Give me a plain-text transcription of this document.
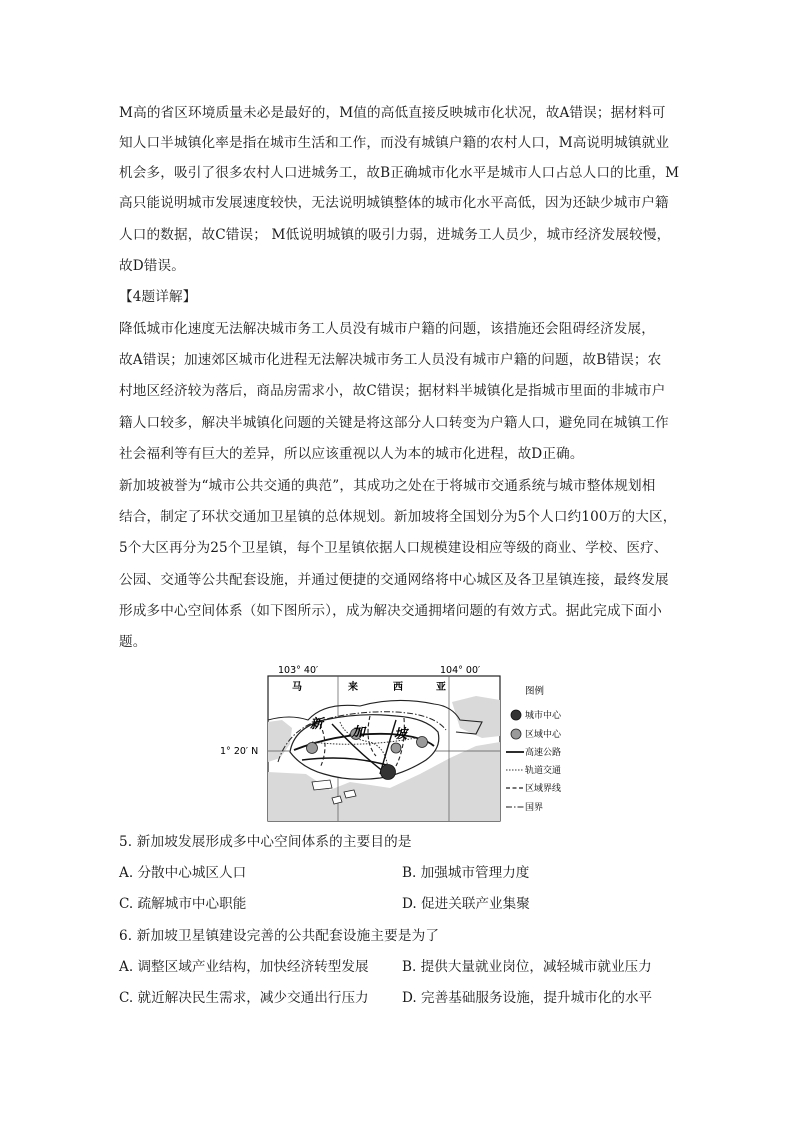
M高的省区环境质量未必是最好的，M值的高低直接反映城市化状况，故A错误；据材料可
知人口半城镇化率是指在城市生活和工作，而没有城镇户籍的农村人口，M高说明城镇就业
机会多，吸引了很多农村人口进城务工，故B正确城市化水平是城市人口占总人口的比重，M
高只能说明城市发展速度较快，无法说明城镇整体的城市化水平高低，因为还缺少城市户籍
人口的数据，故C错误； M低说明城镇的吸引力弱，进城务工人员少，城市经济发展较慢，
故D错误。
【4题详解】
降低城市化速度无法解决城市务工人员没有城市户籍的问题，该措施还会阻碍经济发展，
故A错误；加速郊区城市化进程无法解决城市务工人员没有城市户籍的问题，故B错误；农
村地区经济较为落后，商品房需求小，故C错误；据材料半城镇化是指城市里面的非城市户
籍人口较多，解决半城镇化问题的关键是将这部分人口转变为户籍人口，避免同在城镇工作
社会福利等有巨大的差异，所以应该重视以人为本的城市化进程，故D正确。
新加坡被誉为“城市公共交通的典范”，其成功之处在于将城市交通系统与城市整体规划相
结合，制定了环状交通加卫星镇的总体规划。新加坡将全国划分为5个人口约100万的大区，
5个大区再分为25个卫星镇，每个卫星镇依据人口规模建设相应等级的商业、学校、医疗、
公园、交通等公共配套设施，并通过便捷的交通网络将中心城区及各卫星镇连接，最终发展
形成多中心空间体系（如下图所示），成为解决交通拥堵问题的有效方式。据此完成下面小
题。
103° 40′	104° 00′
1° 20′ N
马	来	西	亚
新
加 坡
图例
城市中心
区域中心
高速公路
轨道交通
区域界线
国界
5. 新加坡发展形成多中心空间体系的主要目的是
A. 分散中心城区人口	B. 加强城市管理力度
C. 疏解城市中心职能	D. 促进关联产业集聚
6. 新加坡卫星镇建设完善的公共配套设施主要是为了
A. 调整区域产业结构，加快经济转型发展 B. 提供大量就业岗位，减轻城市就业压力
C. 就近解决民生需求，减少交通出行压力 D. 完善基础服务设施，提升城市化的水平
